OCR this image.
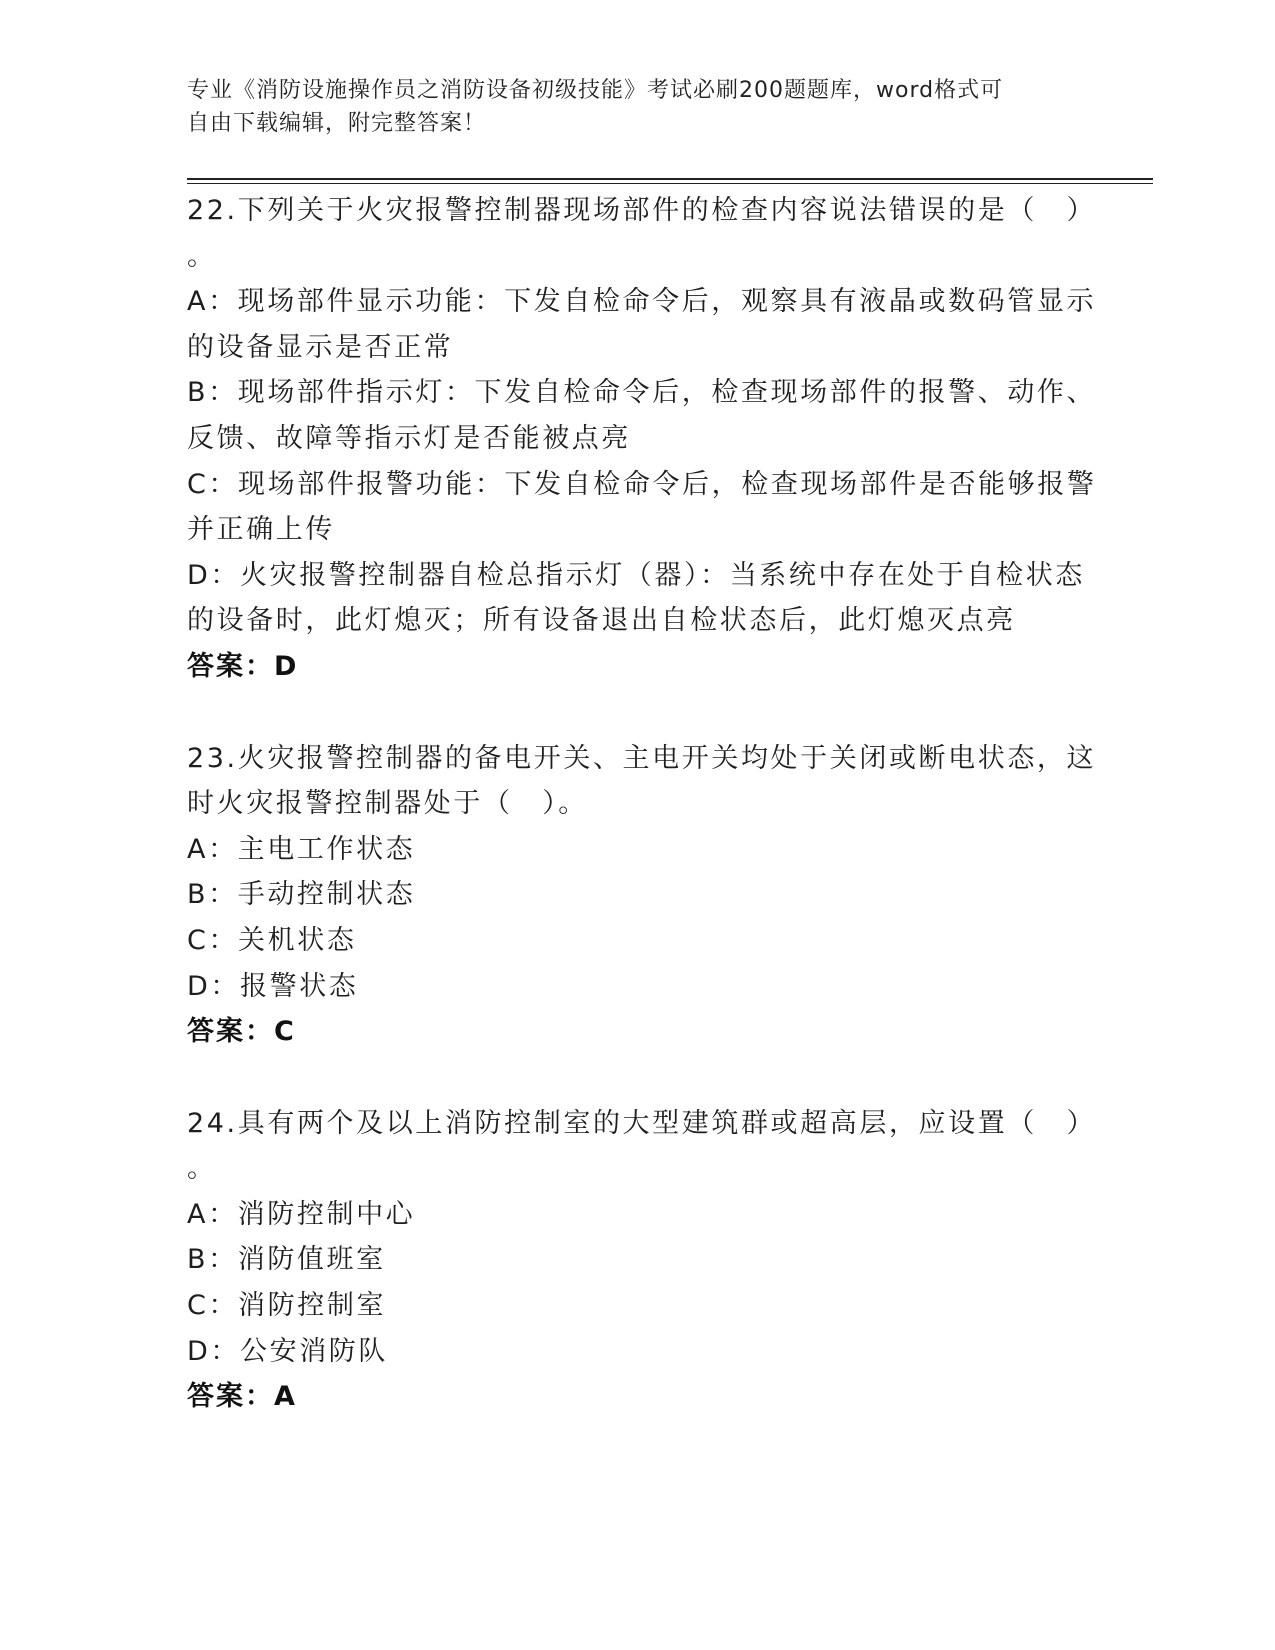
专业《消防设施操作员之消防设备初级技能》考试必刷200题题库，word格式可
自由下载编辑，附完整答案！
22.下列关于火灾报警控制器现场部件的检查内容说法错误的是（　）
。
A：现场部件显示功能：下发自检命令后，观察具有液晶或数码管显示
的设备显示是否正常
B：现场部件指示灯：下发自检命令后，检查现场部件的报警、动作、
反馈、故障等指示灯是否能被点亮
C：现场部件报警功能：下发自检命令后，检查现场部件是否能够报警
并正确上传
D：火灾报警控制器自检总指示灯（器）：当系统中存在处于自检状态
的设备时，此灯熄灭；所有设备退出自检状态后，此灯熄灭点亮
答案：D
23.火灾报警控制器的备电开关、主电开关均处于关闭或断电状态，这
时火灾报警控制器处于（　）。
A：主电工作状态
B：手动控制状态
C：关机状态
D：报警状态
答案：C
24.具有两个及以上消防控制室的大型建筑群或超高层，应设置（　）
。
A：消防控制中心
B：消防值班室
C：消防控制室
D：公安消防队
答案：A
